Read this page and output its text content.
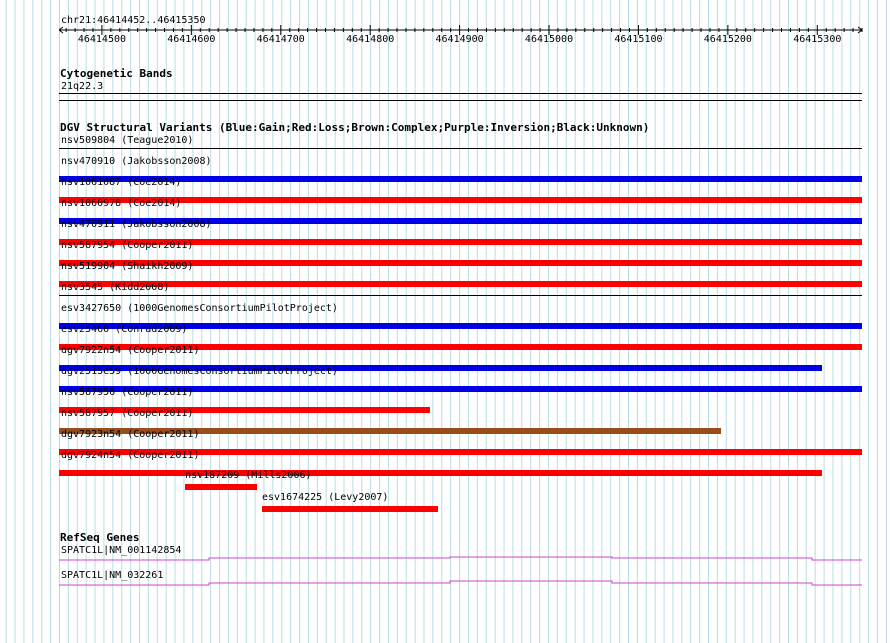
chr21:46414452..46415350
46414500	46414600	46414700	46414800	46414900	46415000	46415100	46415200	46415300
Cytogenetic Bands
21q22.3
DGV Structural Variants (Blue:Gain;Red:Loss;Brown:Complex;Purple:Inversion;Black:Unknown)
nsv509804 (Teague2010)
nsv470910 (Jakobsson2008)
nsv1061087 (Coe2014)
nsv1060978 (Coe2014)
nsv470911 (Jakobsson2008)
nsv587954 (Cooper2011)
nsv519904 (Shaikh2009)
nsv3545 (Kidd2008)
esv3427650 (1000GenomesConsortiumPilotProject)
esv25460 (Conrad2009)
dgv7922n54 (Cooper2011)
dgv2515e59 (1000GenomesConsortiumPilotProject)
nsv587956 (Cooper2011)
nsv587957 (Cooper2011)
dgv7923n54 (Cooper2011)
dgv7924n54 (Cooper2011)
nsv187209 (Mills2006)
esv1674225 (Levy2007)
RefSeq Genes
SPATC1L|NM_001142854
SPATC1L|NM_032261
